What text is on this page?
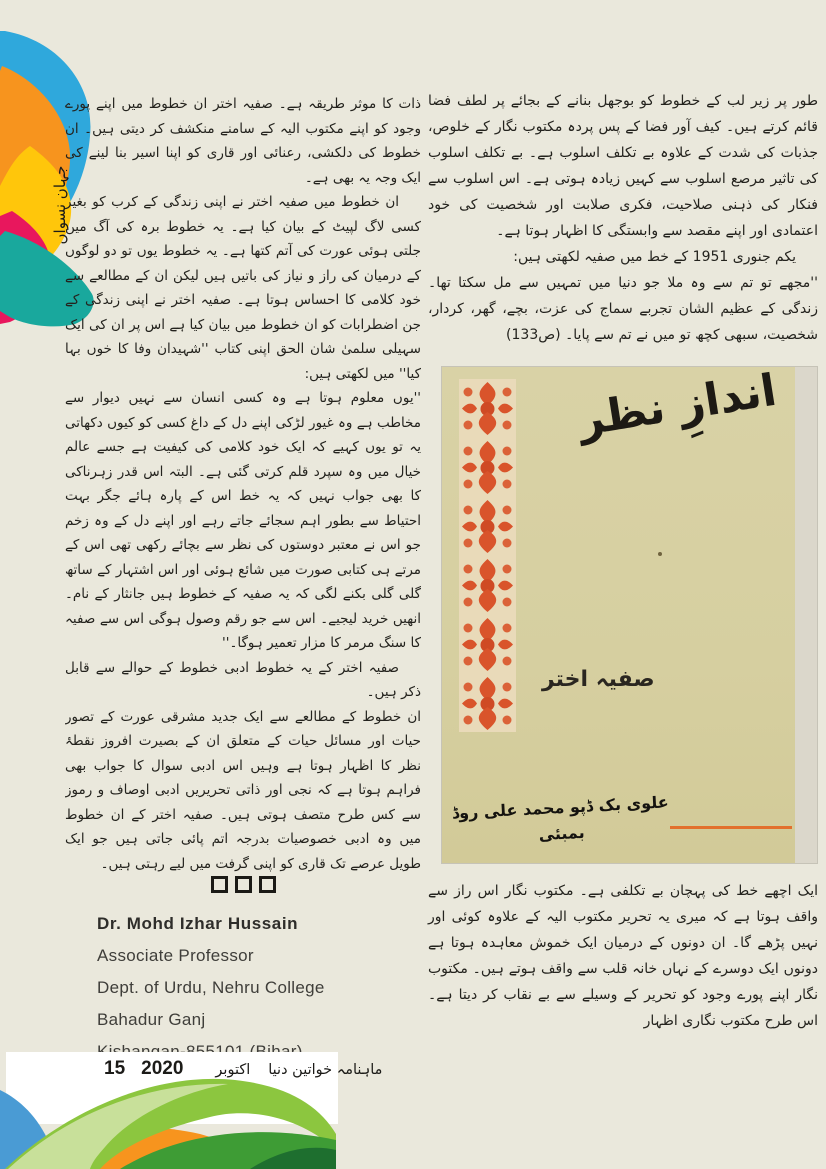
جہان نسواں

ذات کا موثر طریقہ ہے۔ صفیہ اختر ان خطوط میں اپنے پورے وجود کو اپنے مکتوب الیہ کے سامنے منکشف کر دیتی ہیں۔ ان خطوط کی دلکشی، رعنائی اور قاری کو اپنا اسیر بنا لینے کی ایک وجہ یہ بھی ہے۔

ان خطوط میں صفیہ اختر نے اپنی زندگی کے کرب کو بغیر کسی لاگ لپیٹ کے بیان کیا ہے۔ یہ خطوط برہ کی آگ میں جلتی ہوئی عورت کی آتم کتھا ہے۔ یہ خطوط یوں تو دو لوگوں کے درمیان کی راز و نیاز کی باتیں ہیں لیکن ان کے مطالعے سے خود کلامی کا احساس ہوتا ہے۔ صفیہ اختر نے اپنی زندگی کے جن اضطرابات کو ان خطوط میں بیان کیا ہے اس پر ان کی ایک سہیلی سلمیٰ شان الحق اپنی کتاب ''شہیدان وفا کا خوں بہا کیا'' میں لکھتی ہیں:

''یوں معلوم ہوتا ہے وہ کسی انسان سے نہیں دیوار سے مخاطب ہے وہ غیور لڑکی اپنے دل کے داغ کسی کو کیوں دکھاتی یہ تو یوں کہیے کہ ایک خود کلامی کی کیفیت ہے جسے عالم خیال میں وہ سپرد قلم کرتی گئی ہے۔ البتہ اس قدر زہرناکی کا بھی جواب نہیں کہ یہ خط اس کے پارہ ہائے جگر بہت احتیاط سے بطور اہم سجائے جاتے رہے اور اپنے دل کے وہ زخم جو اس نے معتبر دوستوں کی نظر سے بچائے رکھی تھی اس کے مرتے ہی کتابی صورت میں شائع ہوئی اور اس اشتہار کے ساتھ گلی گلی بکنے لگی کہ یہ صفیہ کے خطوط ہیں جانثار کے نام۔ انھیں خرید لیجیے۔ اس سے جو رقم وصول ہوگی اس سے صفیہ کا سنگ مرمر کا مزار تعمیر ہوگا۔''

صفیہ اختر کے یہ خطوط ادبی خطوط کے حوالے سے قابل ذکر ہیں۔

ان خطوط کے مطالعے سے ایک جدید مشرقی عورت کے تصور حیات اور مسائل حیات کے متعلق ان کے بصیرت افروز نقطۂ نظر کا اظہار ہوتا ہے وہیں اس ادبی سوال کا جواب بھی فراہم ہوتا ہے کہ نجی اور ذاتی تحریریں ادبی اوصاف و رموز سے کس طرح متصف ہوتی ہیں۔ صفیہ اختر کے ان خطوط میں وہ ادبی خصوصیات بدرجہ اتم پائی جاتی ہیں جو ایک طویل عرصے تک قاری کو اپنی گرفت میں لیے رہتی ہیں۔

Dr. Mohd Izhar Hussain
Associate Professor
Dept. of Urdu, Nehru College
Bahadur Ganj

طور پر زیر لب کے خطوط کو بوجھل بنانے کے بجائے پر لطف فضا قائم کرتے ہیں۔ کیف آور فضا کے پس پردہ مکتوب نگار کے خلوص، جذبات کی شدت کے علاوہ بے تکلف اسلوب ہے۔ بے تکلف اسلوب کی تاثیر مرصع اسلوب سے کہیں زیادہ ہوتی ہے۔ اس اسلوب سے فنکار کی ذہنی صلاحیت، فکری صلابت اور شخصیت کی خود اعتمادی اور اپنے مقصد سے وابستگی کا اظہار ہوتا ہے۔

یکم جنوری 1951 کے خط میں صفیہ لکھتی ہیں:

''مجھے تو تم سے وہ ملا جو دنیا میں تمہیں سے مل سکتا تھا۔ زندگی کے عظیم الشان تجربے سماج کی عزت، بچے، گھر، کردار، شخصیت، سبھی کچھ تو میں نے تم سے پایا۔ (ص133)

اندازِ نظر
صفیہ اختر
علوی بک ڈپو محمد علی روڈ بمبئی

ایک اچھے خط کی پہچان بے تکلفی ہے۔ مکتوب نگار اس راز سے واقف ہوتا ہے کہ میری یہ تحریر مکتوب الیہ کے علاوہ کوئی اور نہیں پڑھے گا۔ ان دونوں کے درمیان ایک خموش معاہدہ ہوتا ہے دونوں ایک دوسرے کے نہاں خانہ قلب سے واقف ہوتے ہیں۔ مکتوب نگار اپنے پورے وجود کو تحریر کے وسیلے سے بے نقاب کر دیتا ہے۔ اس طرح مکتوب نگاری اظہار

15 2020 اکتوبر ماہنامہ خواتین دنیا
